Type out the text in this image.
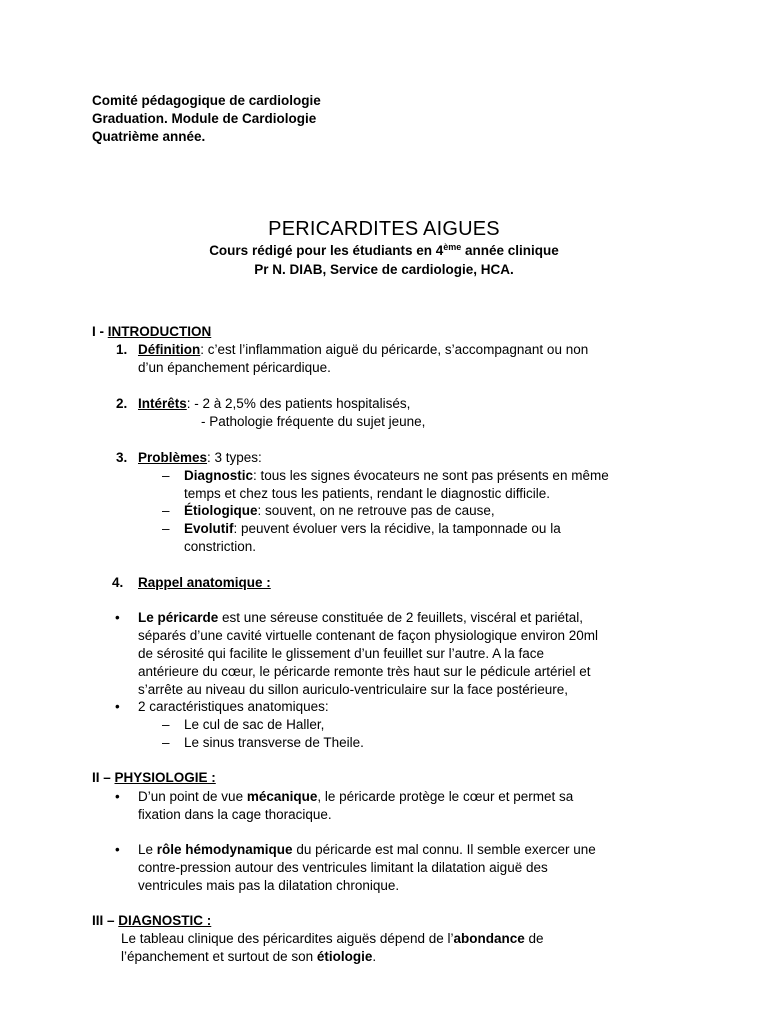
Comité pédagogique de cardiologie
Graduation. Module de Cardiologie
Quatrième année.
PERICARDITES AIGUES
Cours rédigé pour les étudiants en 4ème année clinique
Pr N. DIAB, Service de cardiologie, HCA.
I - INTRODUCTION
1. Définition: c’est l’inflammation aiguë du péricarde, s’accompagnant ou non
d’un épanchement péricardique.
2. Intérêts: - 2 à 2,5% des patients hospitalisés,
- Pathologie fréquente du sujet jeune,
3. Problèmes: 3 types:
– Diagnostic: tous les signes évocateurs ne sont pas présents en même
temps et chez tous les patients, rendant le diagnostic difficile.
– Étiologique: souvent, on ne retrouve pas de cause,
– Evolutif: peuvent évoluer vers la récidive, la tamponnade ou la
constriction.
4. Rappel anatomique :
• Le péricarde est une séreuse constituée de 2 feuillets, viscéral et pariétal,
séparés d’une cavité virtuelle contenant de façon physiologique environ 20ml
de sérosité qui facilite le glissement d’un feuillet sur l’autre. A la face
antérieure du cœur, le péricarde remonte très haut sur le pédicule artériel et
s’arrête au niveau du sillon auriculo-ventriculaire sur la face postérieure,
• 2 caractéristiques anatomiques:
– Le cul de sac de Haller,
– Le sinus transverse de Theile.
II – PHYSIOLOGIE :
• D’un point de vue mécanique, le péricarde protège le cœur et permet sa
fixation dans la cage thoracique.
• Le rôle hémodynamique du péricarde est mal connu. Il semble exercer une
contre-pression autour des ventricules limitant la dilatation aiguë des
ventricules mais pas la dilatation chronique.
III – DIAGNOSTIC :
Le tableau clinique des péricardites aiguës dépend de l’abondance de
l’épanchement et surtout de son étiologie.
